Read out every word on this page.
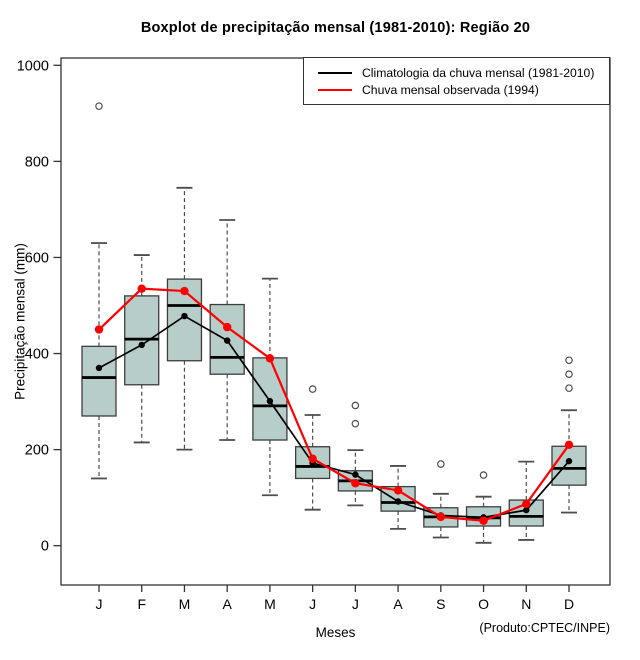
Boxplot de precipitação mensal (1981-2010): Região 20
Precipitação mensal (mm)
0
200
400
600
800
1000
J F M A M J	J A S O N D
Climatologia da chuva mensal (1981-2010)
Chuva mensal observada (1994)
Meses	(Produto:CPTEC/INPE)
